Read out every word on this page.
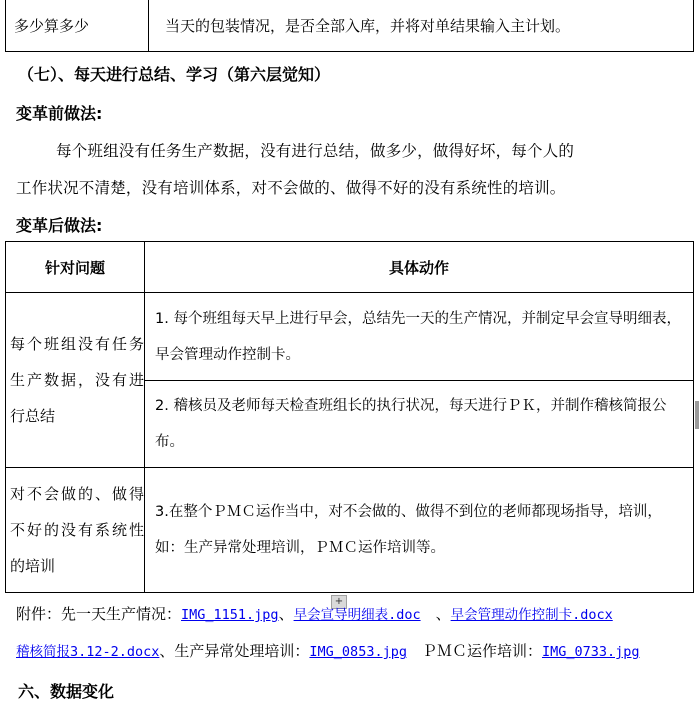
多少算多少	当天的包装情况，是否全部入库，并将对单结果输入主计划。
（七）、每天进行总结、学习（第六层觉知）
变革前做法:
每个班组没有任务生产数据，没有进行总结，做多少，做得好坏，每个人的
工作状况不清楚，没有培训体系，对不会做的、做得不好的没有系统性的培训。
变革后做法:
针对问题	具体动作
每个班组没有任务生产数据，没有进行总结	1. 每个班组每天早上进行早会，总结先一天的生产情况，并制定早会宣导明细表，早会管理动作控制卡。
	2. 稽核员及老师每天检查班组长的执行状况，每天进行ＰＫ，并制作稽核简报公布。
对不会做的、做得不好的没有系统性的培训	3.在整个ＰＭＣ运作当中，对不会做的、做得不到位的老师都现场指导，培训，如：生产异常处理培训，ＰＭＣ运作培训等。
+
附件：先一天生产情况：IMG_1151.jpg、早会宣导明细表.doc　、早会管理动作控制卡.docx
稽核简报3.12-2.docx、生产异常处理培训：IMG_0853.jpg　ＰＭＣ运作培训：IMG_0733.jpg
六、数据变化
